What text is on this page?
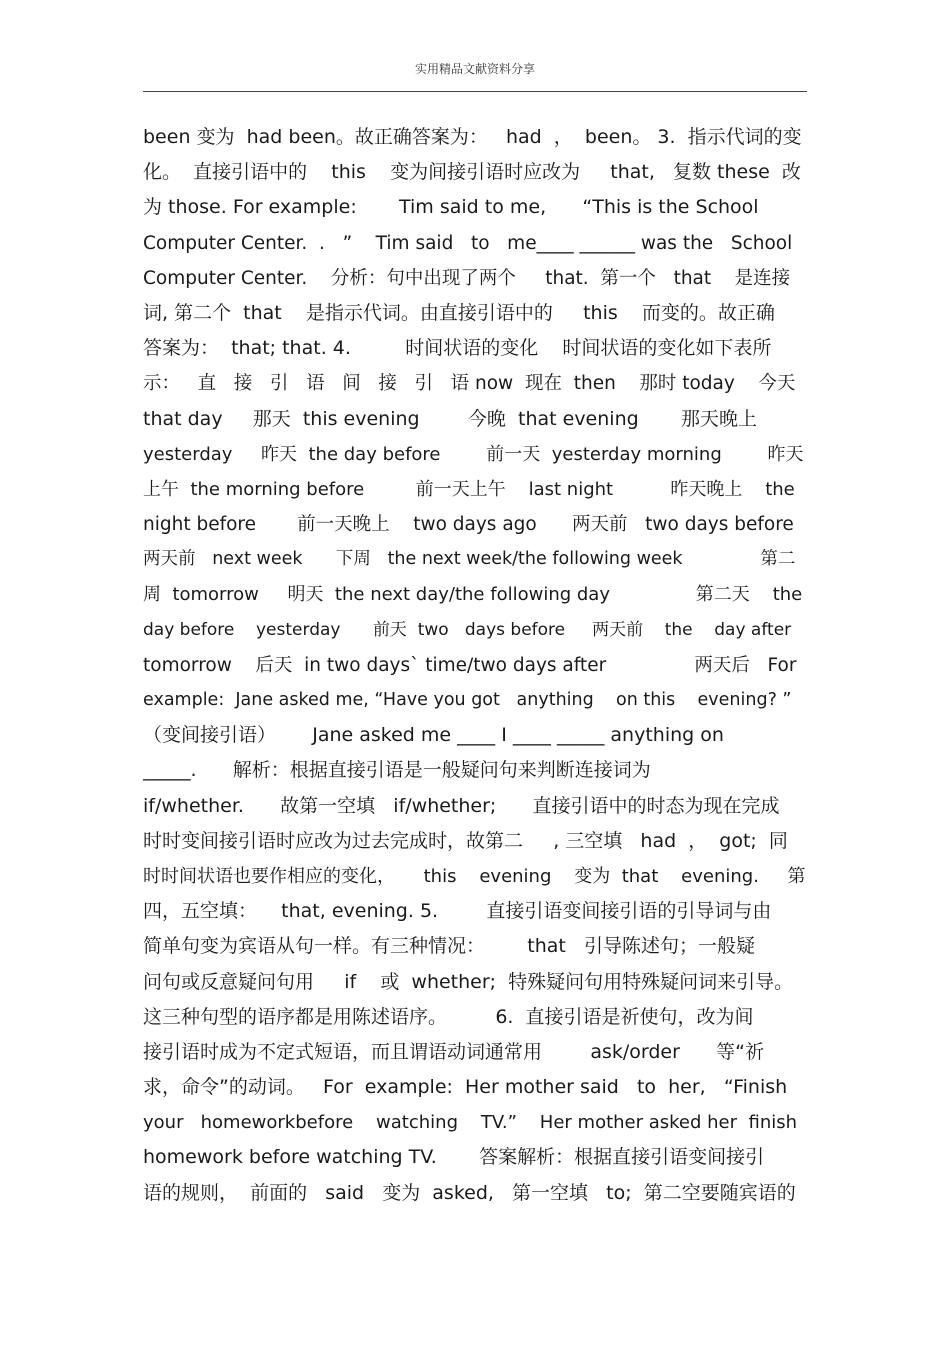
实用精品文献资料分享
been 变为  had been。故正确答案为：   had  ，  been。 3.  指示代词的变
化。  直接引语中的    this    变为间接引语时应改为     that,   复数 these  改
为 those. For example:       Tim said to me,      “This is the School
Computer Center.  .   ”    Tim said   to   me____ ______ was the   School
Computer Center.    分析：句中出现了两个     that.  第一个   that    是连接
词, 第二个  that    是指示代词。由直接引语中的     this    而变的。故正确
答案为：  that; that. 4.         时间状语的变化    时间状语的变化如下表所
示：   直   接   引   语   间   接   引   语 now  现在  then    那时 today    今天
that day     那天  this evening        今晚  that evening       那天晚上
yesterday     昨天  the day before        前一天  yesterday morning        昨天
上午  the morning before         前一天上午    last night          昨天晚上    the
night before       前一天晚上    two days ago      两天前   two days before
两天前   next week      下周   the next week/the following week              第二
周  tomorrow     明天  the next day/the following day               第二天    the
day before    yesterday      前天  two   days before     两天前    the    day after
tomorrow    后天  in two days` time/two days after               两天后   For
example:  Jane asked me, “Have you got   anything    on this    evening? ”
（变间接引语）      Jane asked me ____ I ____ _____ anything on
_____.      解析：根据直接引语是一般疑问句来判断连接词为
if/whether.      故第一空填   if/whether;      直接引语中的时态为现在完成
时时变间接引语时应改为过去完成时，故第二     , 三空填   had  ，  got;  同
时时间状语也要作相应的变化，     this    evening    变为  that    evening.     第
四，五空填：    that, evening. 5.        直接引语变间接引语的引导词与由
简单句变为宾语从句一样。有三种情况：       that   引导陈述句；一般疑
问句或反意疑问句用     if    或  whether;  特殊疑问句用特殊疑问词来引导。
这三种句型的语序都是用陈述语序。        6.  直接引语是祈使句，改为间
接引语时成为不定式短语，而且谓语动词通常用        ask/order      等“祈
求，命令”的动词。   For  example:  Her mother said   to  her,   “Finish
your   homeworkbefore    watching    TV.”    Her mother asked her  finish
homework before watching TV.       答案解析：根据直接引语变间接引
语的规则，  前面的   said   变为  asked,   第一空填   to;  第二空要随宾语的
